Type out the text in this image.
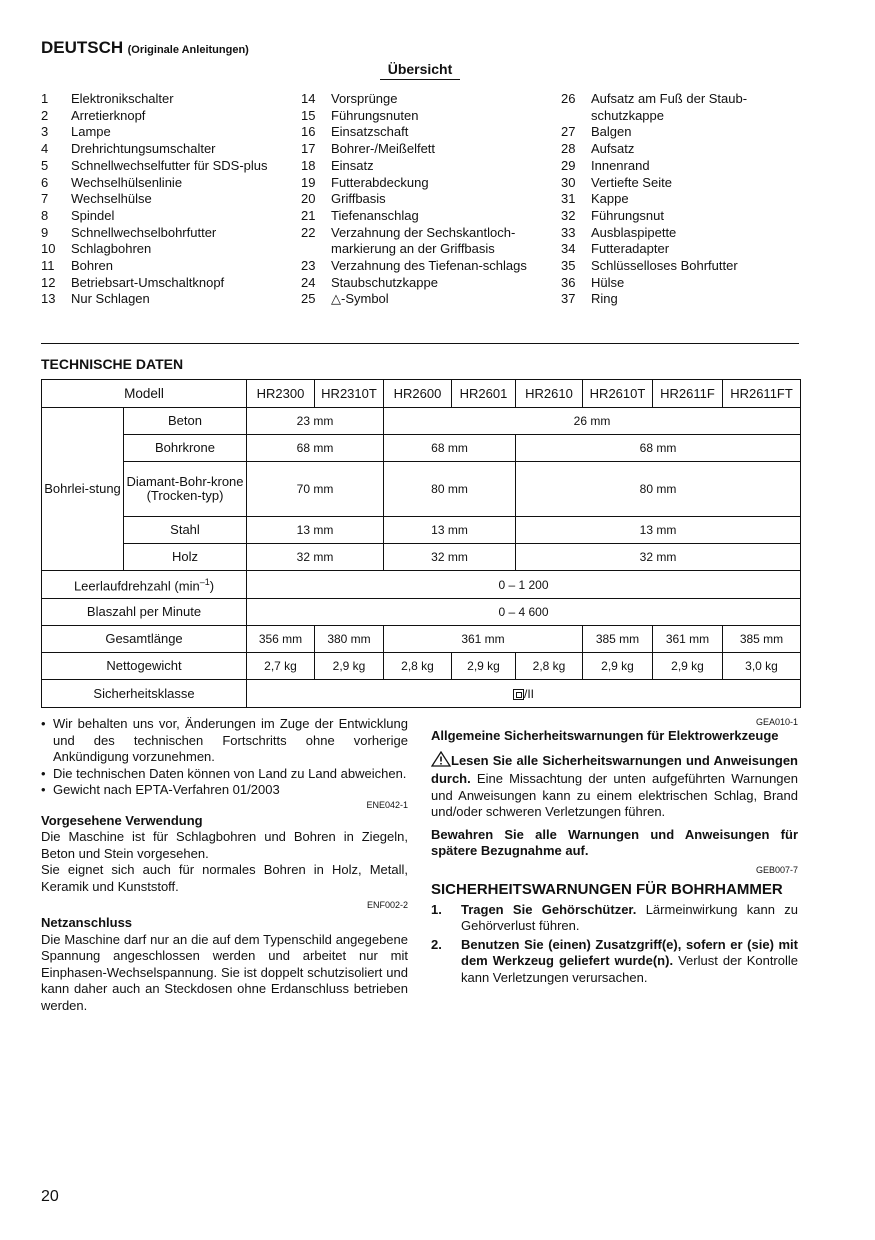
DEUTSCH (Originale Anleitungen)
Übersicht
1	Elektronikschalter
2	Arretierknopf
3	Lampe
4	Drehrichtungsumschalter
5	Schnellwechselfutter für SDS-plus
6	Wechselhülsenlinie
7	Wechselhülse
8	Spindel
9	Schnellwechselbohrfutter
10	Schlagbohren
11	Bohren
12	Betriebsart-Umschaltknopf
13	Nur Schlagen
14	Vorsprünge
15	Führungsnuten
16	Einsatzschaft
17	Bohrer-/Meißelfett
18	Einsatz
19	Futterabdeckung
20	Griffbasis
21	Tiefenanschlag
22	Verzahnung der Sechskantloch-markierung an der Griffbasis
23	Verzahnung des Tiefenan-schlags
24	Staubschutzkappe
25	△-Symbol
26	Aufsatz am Fuß der Staub-schutzkappe
27	Balgen
28	Aufsatz
29	Innenrand
30	Vertiefte Seite
31	Kappe
32	Führungsnut
33	Ausblaspipette
34	Futteradapter
35	Schlüsselloses Bohrfutter
36	Hülse
37	Ring
TECHNISCHE DATEN
Modell		HR2300	HR2310T	HR2600	HR2601	HR2610	HR2610T	HR2611F	HR2611FT
Bohrlei-stung	Beton	23 mm		26 mm					
	Bohrkrone	68 mm		68 mm		68 mm			
	Diamant-Bohr-krone (Trocken-typ)	70 mm		80 mm		80 mm			
	Stahl	13 mm		13 mm		13 mm			
	Holz	32 mm		32 mm		32 mm			
Leerlaufdrehzahl $(\min^{-1})$		0 – 1 200							
Blaszahl per Minute		0 – 4 600							
Gesamtlänge		356 mm	380 mm	361 mm			385 mm	361 mm	385 mm
Nettogewicht		2,7 kg	2,9 kg	2,8 kg	2,9 kg	2,8 kg	2,9 kg	2,9 kg	3,0 kg
Sicherheitsklasse		/II							
• Wir behalten uns vor, Änderungen im Zuge der Entwicklung und des technischen Fortschritts ohne vorherige Ankündigung vorzunehmen.
• Die technischen Daten können von Land zu Land abweichen.
• Gewicht nach EPTA-Verfahren 01/2003
ENE042-1
Vorgesehene Verwendung
Die Maschine ist für Schlagbohren und Bohren in Ziegeln, Beton und Stein vorgesehen.
Sie eignet sich auch für normales Bohren in Holz, Metall, Keramik und Kunststoff.
ENF002-2
Netzanschluss
Die Maschine darf nur an die auf dem Typenschild angegebene Spannung angeschlossen werden und arbeitet nur mit Einphasen-Wechselspannung. Sie ist doppelt schutzisoliert und kann daher auch an Steckdosen ohne Erdanschluss betrieben werden.
GEA010-1
Allgemeine Sicherheitswarnungen für Elektrowerkzeuge
Lesen Sie alle Sicherheitswarnungen und Anweisungen durch. Eine Missachtung der unten aufgeführten Warnungen und Anweisungen kann zu einem elektrischen Schlag, Brand und/oder schweren Verletzungen führen.
Bewahren Sie alle Warnungen und Anweisungen für spätere Bezugnahme auf.
GEB007-7
SICHERHEITSWARNUNGEN FÜR BOHRHAMMER
1.	Tragen Sie Gehörschützer. Lärmeinwirkung kann zu Gehörverlust führen.
2.	Benutzen Sie (einen) Zusatzgriff(e), sofern er (sie) mit dem Werkzeug geliefert wurde(n). Verlust der Kontrolle kann Verletzungen verursachen.
20
